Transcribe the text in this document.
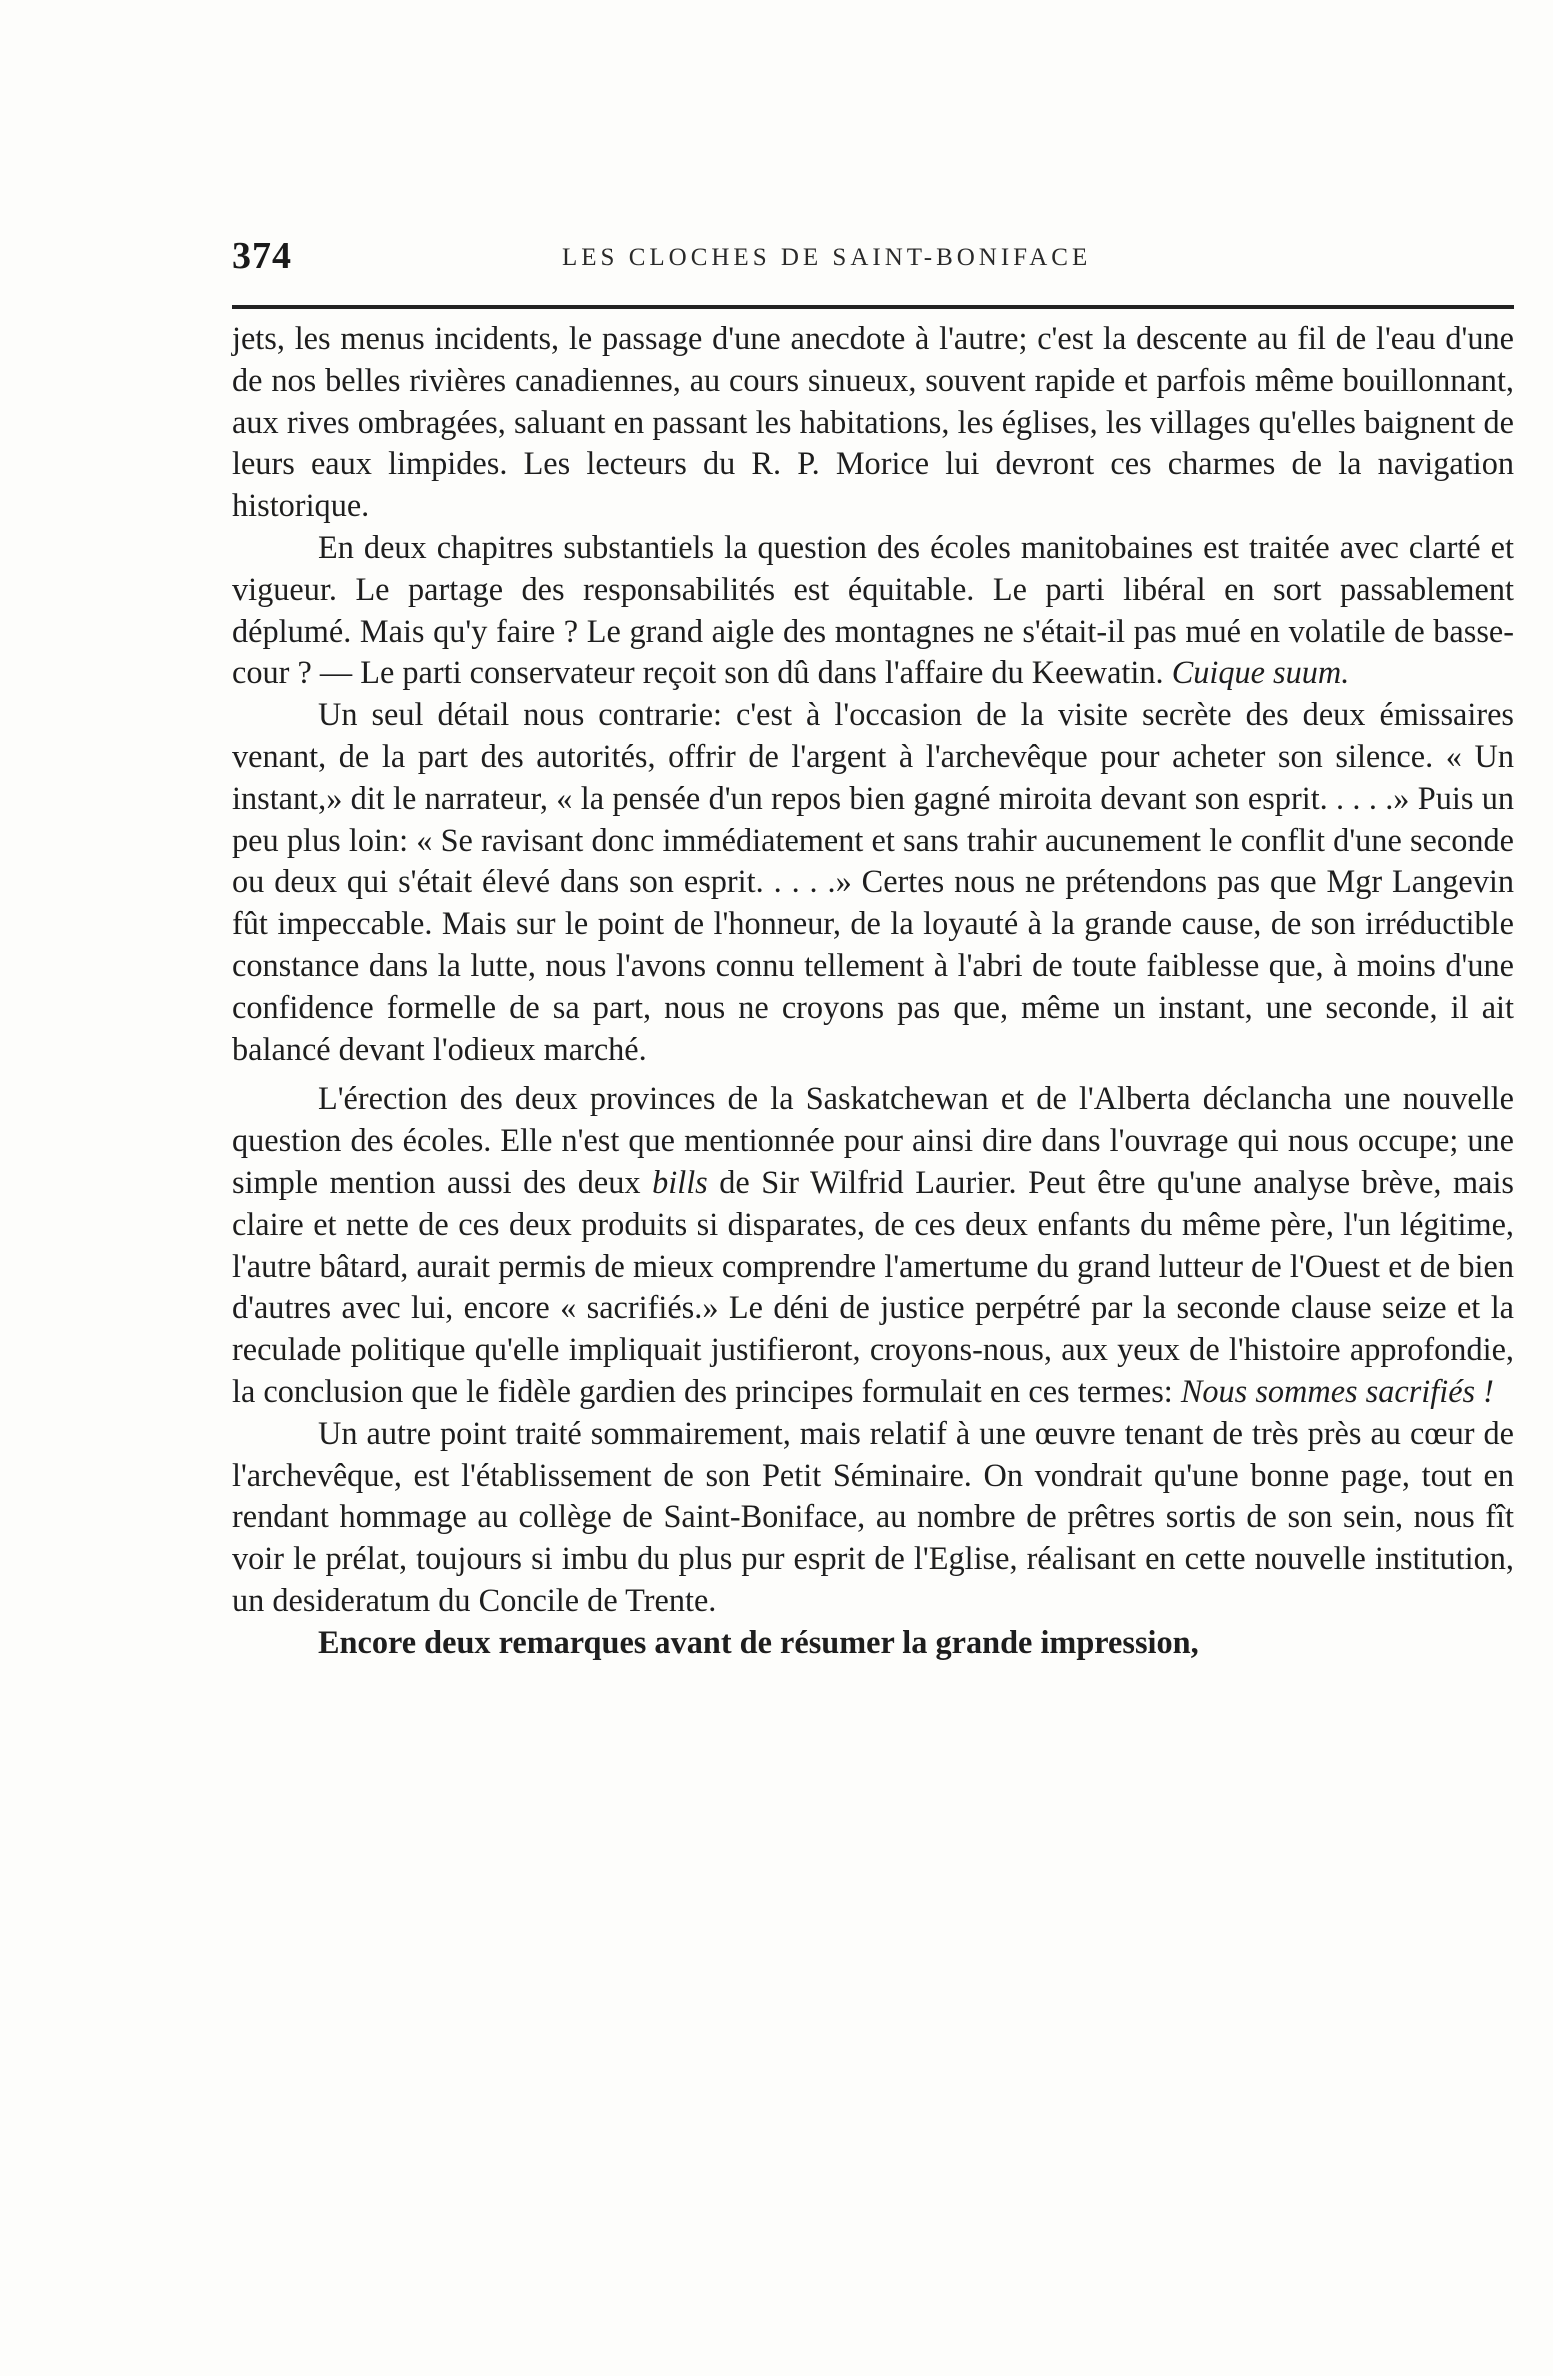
374	LES CLOCHES DE SAINT-BONIFACE

jets, les menus incidents, le passage d'une anecdote à l'autre; c'est la descente au fil de l'eau d'une de nos belles rivières canadiennes, au cours sinueux, souvent rapide et parfois même bouillonnant, aux rives ombragées, saluant en passant les habitations, les églises, les villages qu'elles baignent de leurs eaux limpides. Les lecteurs du R. P. Morice lui devront ces charmes de la navigation historique.

En deux chapitres substantiels la question des écoles manitobaines est traitée avec clarté et vigueur. Le partage des responsabilités est équitable. Le parti libéral en sort passablement déplumé. Mais qu'y faire ? Le grand aigle des montagnes ne s'était-il pas mué en volatile de basse-cour ? — Le parti conservateur reçoit son dû dans l'affaire du Keewatin. Cuique suum.

Un seul détail nous contrarie: c'est à l'occasion de la visite secrète des deux émissaires venant, de la part des autorités, offrir de l'argent à l'archevêque pour acheter son silence. « Un instant,» dit le narrateur, « la pensée d'un repos bien gagné miroita devant son esprit. . . . .» Puis un peu plus loin: « Se ravisant donc immédiatement et sans trahir aucunement le conflit d'une seconde ou deux qui s'était élevé dans son esprit. . . . .» Certes nous ne prétendons pas que Mgr Langevin fût impeccable. Mais sur le point de l'honneur, de la loyauté à la grande cause, de son irréductible constance dans la lutte, nous l'avons connu tellement à l'abri de toute faiblesse que, à moins d'une confidence formelle de sa part, nous ne croyons pas que, même un instant, une seconde, il ait balancé devant l'odieux marché.

L'érection des deux provinces de la Saskatchewan et de l'Alberta déclancha une nouvelle question des écoles. Elle n'est que mentionnée pour ainsi dire dans l'ouvrage qui nous occupe; une simple mention aussi des deux bills de Sir Wilfrid Laurier. Peut être qu'une analyse brève, mais claire et nette de ces deux produits si disparates, de ces deux enfants du même père, l'un légitime, l'autre bâtard, aurait permis de mieux comprendre l'amertume du grand lutteur de l'Ouest et de bien d'autres avec lui, encore « sacrifiés.» Le déni de justice perpétré par la seconde clause seize et la reculade politique qu'elle impliquait justifieront, croyons-nous, aux yeux de l'histoire approfondie, la conclusion que le fidèle gardien des principes formulait en ces termes: Nous sommes sacrifiés !

Un autre point traité sommairement, mais relatif à une œuvre tenant de très près au cœur de l'archevêque, est l'établissement de son Petit Séminaire. On vondrait qu'une bonne page, tout en rendant hommage au collège de Saint-Boniface, au nombre de prêtres sortis de son sein, nous fît voir le prélat, toujours si imbu du plus pur esprit de l'Eglise, réalisant en cette nouvelle institution, un desideratum du Concile de Trente.

Encore deux remarques avant de résumer la grande impression,
